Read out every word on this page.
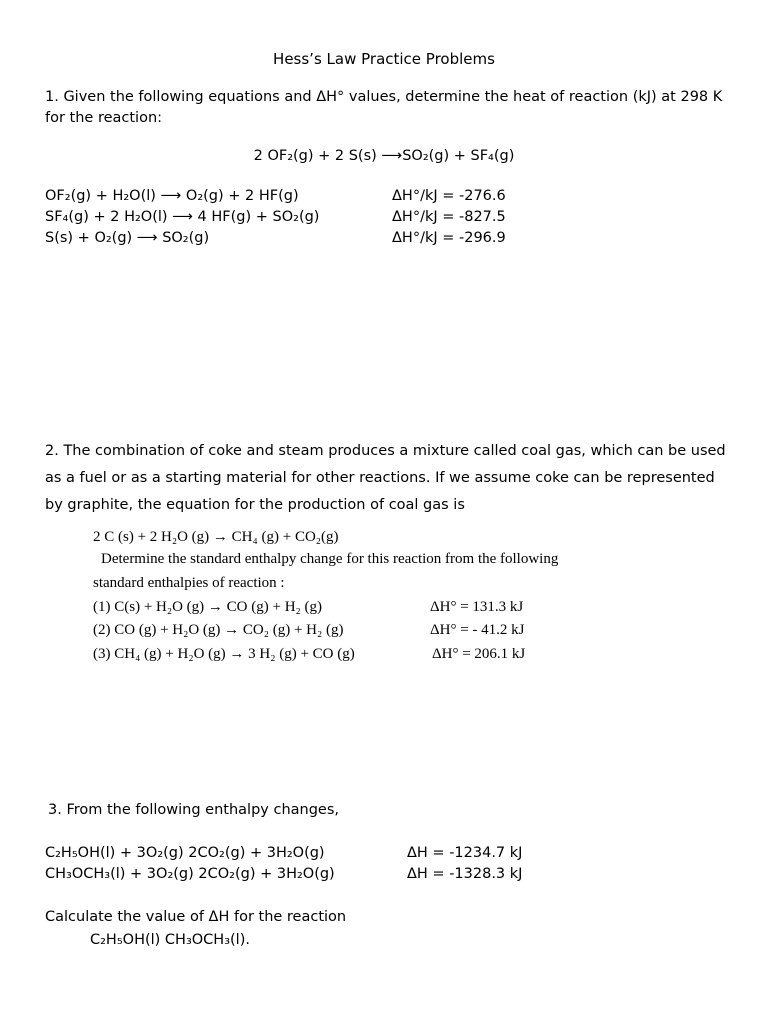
Hess’s Law Practice Problems
1. Given the following equations and ΔH° values, determine the heat of reaction (kJ) at 298 K for the reaction:
2 OF₂(g) + 2 S(s) ⟶SO₂(g) + SF₄(g)
OF₂(g) + H₂O(l) ⟶ O₂(g) + 2 HF(g)	ΔH°/kJ = -276.6
SF₄(g) + 2 H₂O(l) ⟶ 4 HF(g) + SO₂(g)	ΔH°/kJ = -827.5
S(s) + O₂(g) ⟶ SO₂(g)	ΔH°/kJ = -296.9
2. The combination of coke and steam produces a mixture called coal gas, which can be used as a fuel or as a starting material for other reactions. If we assume coke can be represented by graphite, the equation for the production of coal gas is
2 C (s) + 2 H₂O (g) → CH₄ (g) + CO₂(g)
Determine the standard enthalpy change for this reaction from the following
standard enthalpies of reaction :
(1) C(s) + H₂O (g) → CO (g) + H₂ (g)	ΔH° = 131.3 kJ
(2) CO (g) + H₂O (g) → CO₂ (g) + H₂ (g)	ΔH° = - 41.2 kJ
(3) CH₄ (g) + H₂O (g) → 3 H₂ (g) + CO (g)	ΔH° = 206.1 kJ
3. From the following enthalpy changes,
C₂H₅OH(l) + 3O₂(g) 2CO₂(g) + 3H₂O(g)	ΔH = -1234.7 kJ
CH₃OCH₃(l) + 3O₂(g) 2CO₂(g) + 3H₂O(g)	ΔH = -1328.3 kJ
Calculate the value of ΔH for the reaction
C₂H₅OH(l) CH₃OCH₃(l).
